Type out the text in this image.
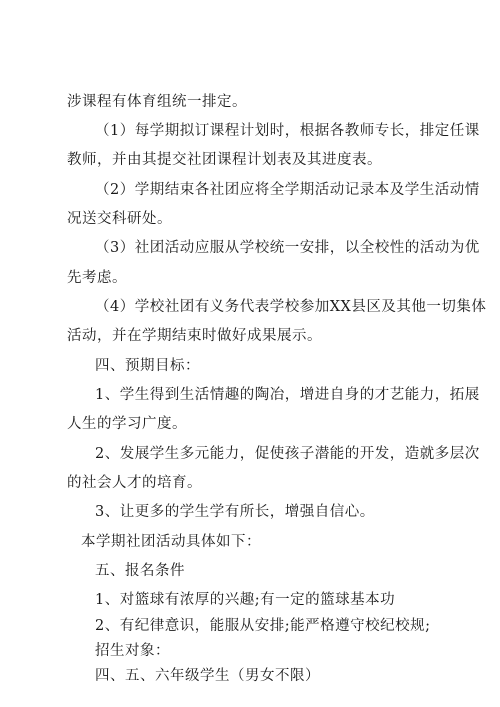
涉课程有体育组统一排定。
（1）每学期拟订课程计划时，根据各教师专长，排定任课
教师，并由其提交社团课程计划表及其进度表。
（2）学期结束各社团应将全学期活动记录本及学生活动情
况送交科研处。
（3）社团活动应服从学校统一安排，以全校性的活动为优
先考虑。
（4）学校社团有义务代表学校参加XX县区及其他一切集体
活动，并在学期结束时做好成果展示。
四、预期目标：
1、学生得到生活情趣的陶冶，增进自身的才艺能力，拓展
人生的学习广度。
2、发展学生多元能力，促使孩子潜能的开发，造就多层次
的社会人才的培育。
3、让更多的学生学有所长，增强自信心。
本学期社团活动具体如下：
五、报名条件
1、对篮球有浓厚的兴趣;有一定的篮球基本功
2、有纪律意识，能服从安排;能严格遵守校纪校规;
招生对象：
四、五、六年级学生（男女不限）
